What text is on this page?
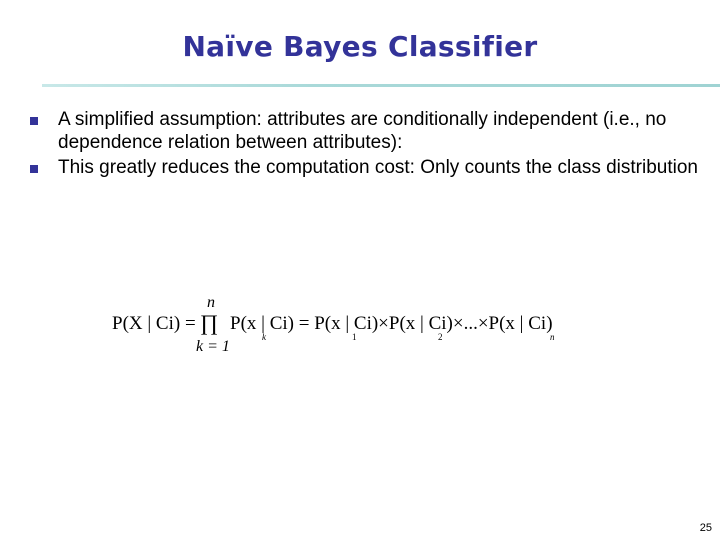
Naïve Bayes Classifier
A simplified assumption: attributes are conditionally independent (i.e., no dependence relation between attributes):
This greatly reduces the computation cost: Only counts the class distribution
P(X | Ci) =
n
∏
k = 1
P(x | Ci) = P(x | Ci)×P(x | Ci)×...×P(x | Ci)
k	1	2	n
25
